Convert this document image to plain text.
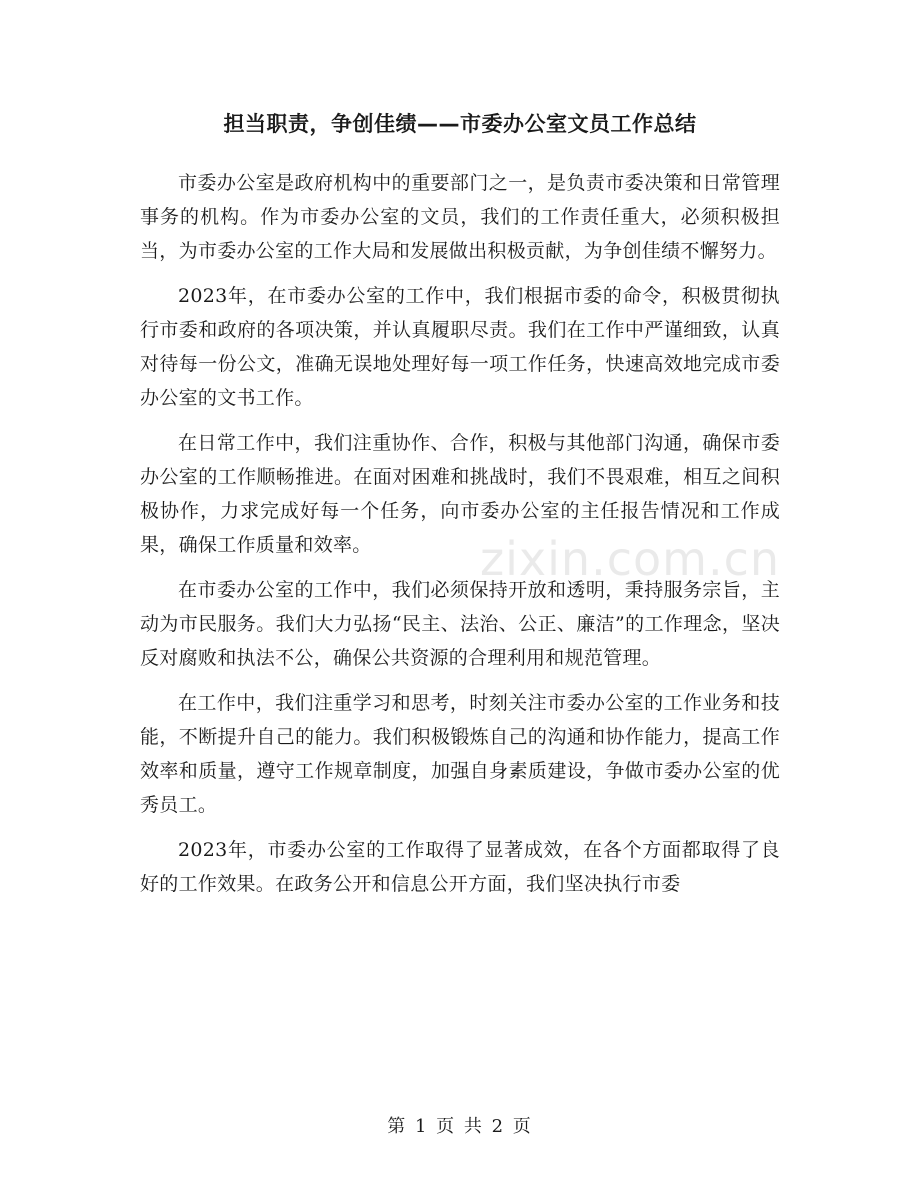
担当职责，争创佳绩——市委办公室文员工作总结
zixin.com.cn

市委办公室是政府机构中的重要部门之一，是负责市委决策和日常管理事务的机构。作为市委办公室的文员，我们的工作责任重大，必须积极担当，为市委办公室的工作大局和发展做出积极贡献，为争创佳绩不懈努力。

2023年，在市委办公室的工作中，我们根据市委的命令，积极贯彻执行市委和政府的各项决策，并认真履职尽责。我们在工作中严谨细致，认真对待每一份公文，准确无误地处理好每一项工作任务，快速高效地完成市委办公室的文书工作。

在日常工作中，我们注重协作、合作，积极与其他部门沟通，确保市委办公室的工作顺畅推进。在面对困难和挑战时，我们不畏艰难，相互之间积极协作，力求完成好每一个任务，向市委办公室的主任报告情况和工作成果，确保工作质量和效率。

在市委办公室的工作中，我们必须保持开放和透明，秉持服务宗旨，主动为市民服务。我们大力弘扬“民主、法治、公正、廉洁”的工作理念，坚决反对腐败和执法不公，确保公共资源的合理利用和规范管理。

在工作中，我们注重学习和思考，时刻关注市委办公室的工作业务和技能，不断提升自己的能力。我们积极锻炼自己的沟通和协作能力，提高工作效率和质量，遵守工作规章制度，加强自身素质建设，争做市委办公室的优秀员工。

2023年，市委办公室的工作取得了显著成效，在各个方面都取得了良好的工作效果。在政务公开和信息公开方面，我们坚决执行市委

第 1 页 共 2 页
